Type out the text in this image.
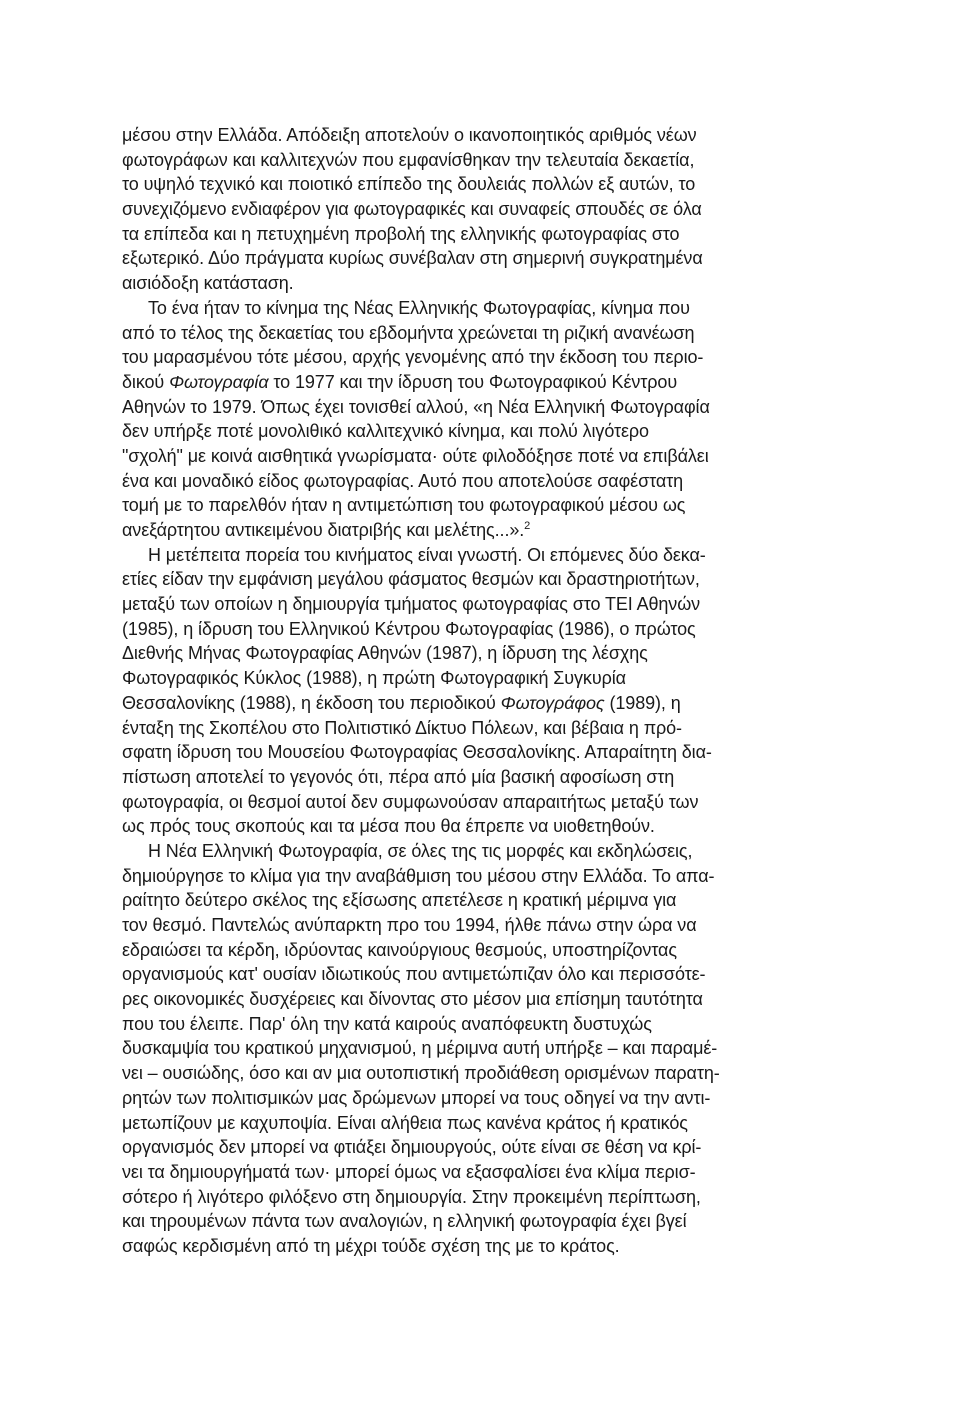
μέσου στην Ελλάδα. Απόδειξη αποτελούν ο ικανοποιητικός αριθμός νέων
φωτογράφων και καλλιτεχνών που εμφανίσθηκαν την τελευταία δεκαετία,
το υψηλό τεχνικό και ποιοτικό επίπεδο της δουλειάς πολλών εξ αυτών, το
συνεχιζόμενο ενδιαφέρον για φωτογραφικές και συναφείς σπουδές σε όλα
τα επίπεδα και η πετυχημένη προβολή της ελληνικής φωτογραφίας στο
εξωτερικό. Δύο πράγματα κυρίως συνέβαλαν στη σημερινή συγκρατημένα
αισιόδοξη κατάσταση.
Το ένα ήταν το κίνημα της Νέας Ελληνικής Φωτογραφίας, κίνημα που
από το τέλος της δεκαετίας του εβδομήντα χρεώνεται τη ριζική ανανέωση
του μαρασμένου τότε μέσου, αρχής γενομένης από την έκδοση του περιο-
δικού Φωτογραφία το 1977 και την ίδρυση του Φωτογραφικού Κέντρου
Αθηνών το 1979. Όπως έχει τονισθεί αλλού, «η Νέα Ελληνική Φωτογραφία
δεν υπήρξε ποτέ μονολιθικό καλλιτεχνικό κίνημα, και πολύ λιγότερο
"σχολή" με κοινά αισθητικά γνωρίσματα· ούτε φιλοδόξησε ποτέ να επιβάλει
ένα και μοναδικό είδος φωτογραφίας. Αυτό που αποτελούσε σαφέστατη
τομή με το παρελθόν ήταν η αντιμετώπιση του φωτογραφικού μέσου ως
ανεξάρτητου αντικειμένου διατριβής και μελέτης...».$^2$
Η μετέπειτα πορεία του κινήματος είναι γνωστή. Οι επόμενες δύο δεκα-
ετίες είδαν την εμφάνιση μεγάλου φάσματος θεσμών και δραστηριοτήτων,
μεταξύ των οποίων η δημιουργία τμήματος φωτογραφίας στο ΤΕΙ Αθηνών
(1985), η ίδρυση του Ελληνικού Κέντρου Φωτογραφίας (1986), ο πρώτος
Διεθνής Μήνας Φωτογραφίας Αθηνών (1987), η ίδρυση της λέσχης
Φωτογραφικός Κύκλος (1988), η πρώτη Φωτογραφική Συγκυρία
Θεσσαλονίκης (1988), η έκδοση του περιοδικού Φωτογράφος (1989), η
ένταξη της Σκοπέλου στο Πολιτιστικό Δίκτυο Πόλεων, και βέβαια η πρό-
σφατη ίδρυση του Μουσείου Φωτογραφίας Θεσσαλονίκης. Απαραίτητη δια-
πίστωση αποτελεί το γεγονός ότι, πέρα από μία βασική αφοσίωση στη
φωτογραφία, οι θεσμοί αυτοί δεν συμφωνούσαν απαραιτήτως μεταξύ των
ως πρός τους σκοπούς και τα μέσα που θα έπρεπε να υιοθετηθούν.
Η Νέα Ελληνική Φωτογραφία, σε όλες της τις μορφές και εκδηλώσεις,
δημιούργησε το κλίμα για την αναβάθμιση του μέσου στην Ελλάδα. Το απα-
ραίτητο δεύτερο σκέλος της εξίσωσης απετέλεσε η κρατική μέριμνα για
τον θεσμό. Παντελώς ανύπαρκτη προ του 1994, ήλθε πάνω στην ώρα να
εδραιώσει τα κέρδη, ιδρύοντας καινούργιους θεσμούς, υποστηρίζοντας
οργανισμούς κατ' ουσίαν ιδιωτικούς που αντιμετώπιζαν όλο και περισσότε-
ρες οικονομικές δυσχέρειες και δίνοντας στο μέσον μια επίσημη ταυτότητα
που του έλειπε. Παρ' όλη την κατά καιρούς αναπόφευκτη δυστυχώς
δυσκαμψία του κρατικού μηχανισμού, η μέριμνα αυτή υπήρξε – και παραμέ-
νει – ουσιώδης, όσο και αν μια ουτοπιστική προδιάθεση ορισμένων παρατη-
ρητών των πολιτισμικών μας δρώμενων μπορεί να τους οδηγεί να την αντι-
μετωπίζουν με καχυποψία. Είναι αλήθεια πως κανένα κράτος ή κρατικός
οργανισμός δεν μπορεί να φτιάξει δημιουργούς, ούτε είναι σε θέση να κρί-
νει τα δημιουργήματά των· μπορεί όμως να εξασφαλίσει ένα κλίμα περισ-
σότερο ή λιγότερο φιλόξενο στη δημιουργία. Στην προκειμένη περίπτωση,
και τηρουμένων πάντα των αναλογιών, η ελληνική φωτογραφία έχει βγεί
σαφώς κερδισμένη από τη μέχρι τούδε σχέση της με το κράτος.
